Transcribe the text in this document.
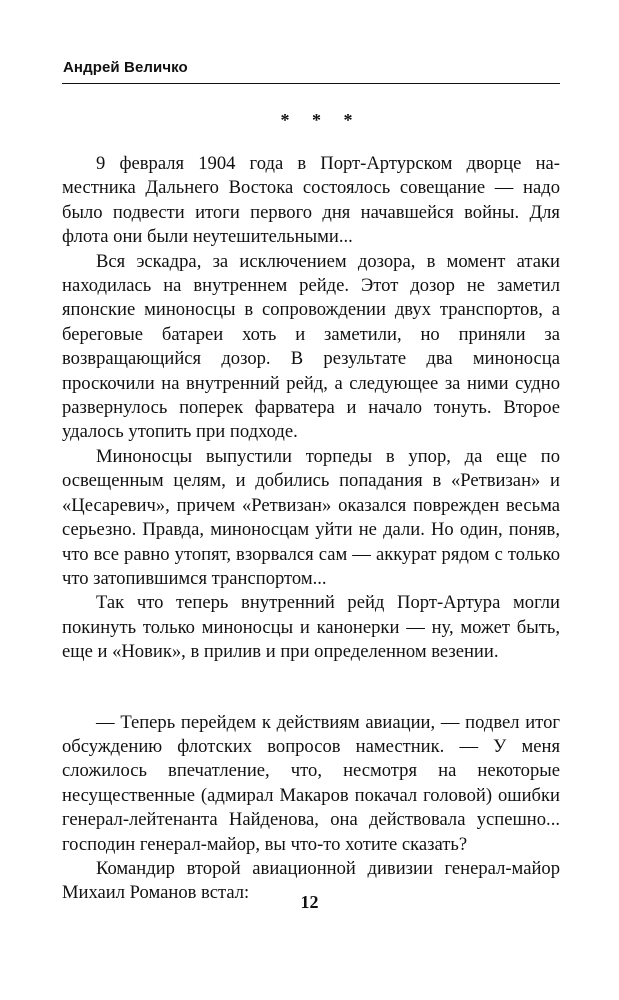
Андрей Величко
* * *

9 февраля 1904 года в Порт-Артурском дворце наместника Дальнего Востока состоялось совещание — надо было подвести итоги первого дня начавшейся войны. Для флота они были неутешительными...

Вся эскадра, за исключением дозора, в момент атаки находилась на внутреннем рейде. Этот дозор не заметил японские миноносцы в сопровождении двух транспортов, а береговые батареи хоть и заметили, но приняли за возвращающийся дозор. В результате два миноносца проскочили на внутренний рейд, а следующее за ними судно развернулось поперек фарватера и начало тонуть. Второе удалось утопить при подходе.

Миноносцы выпустили торпеды в упор, да еще по освещенным целям, и добились попадания в «Ретвизан» и «Цесаревич», причем «Ретвизан» оказался поврежден весьма серьезно. Правда, миноносцам уйти не дали. Но один, поняв, что все равно утопят, взорвался сам — аккурат рядом с только что затопившимся транспортом...

Так что теперь внутренний рейд Порт-Артура могли покинуть только миноносцы и канонерки — ну, может быть, еще и «Новик», в прилив и при определенном везении.

— Теперь перейдем к действиям авиации, — подвел итог обсуждению флотских вопросов наместник. — У меня сложилось впечатление, что, несмотря на некоторые несущественные (адмирал Макаров покачал головой) ошибки генерал-лейтенанта Найденова, она действовала успешно... господин генерал-майор, вы что-то хотите сказать?

Командир второй авиационной дивизии генерал-майор Михаил Романов встал:	12
